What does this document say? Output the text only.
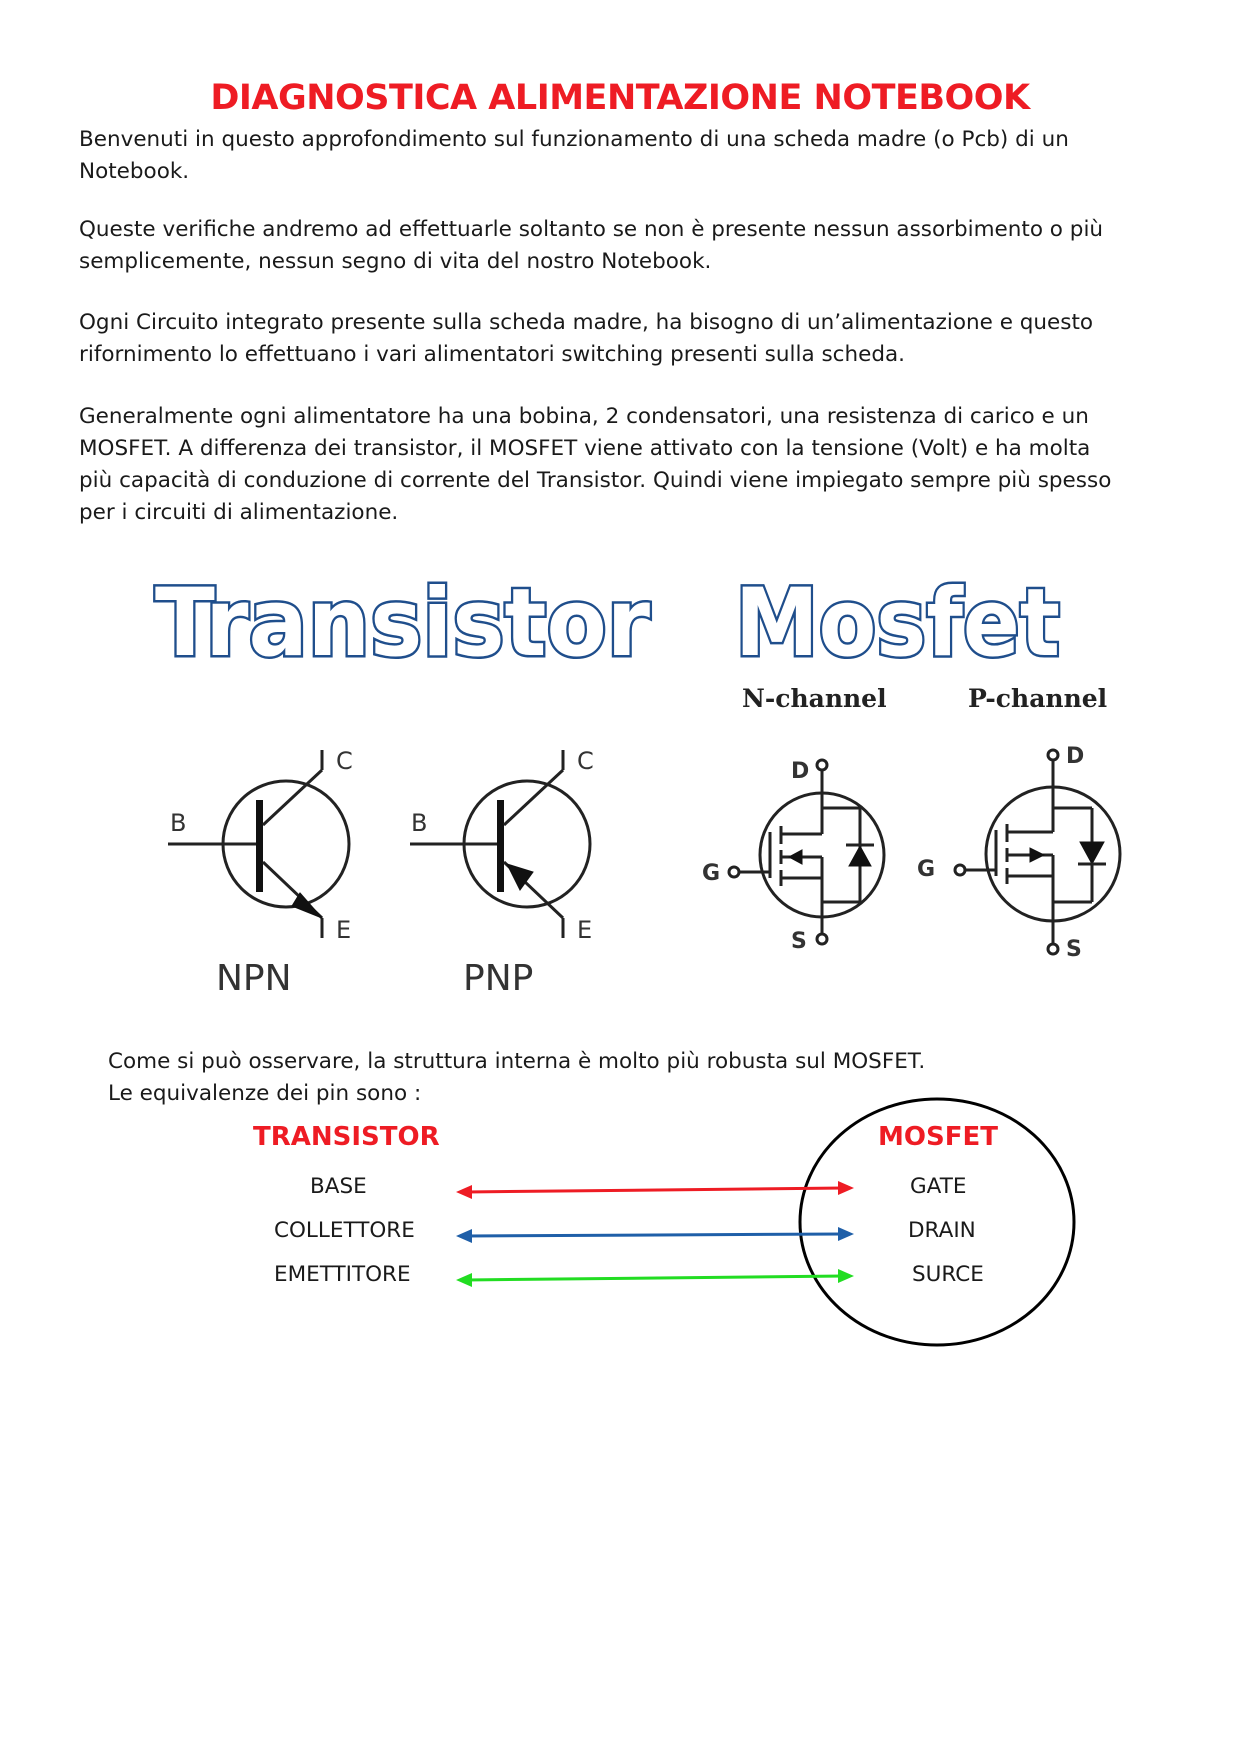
DIAGNOSTICA ALIMENTAZIONE NOTEBOOK

Benvenuti in questo approfondimento sul funzionamento di una scheda madre (o Pcb) di un Notebook.

Queste verifiche andremo ad effettuarle soltanto se non è presente nessun assorbimento o più semplicemente, nessun segno di vita del nostro Notebook.

Ogni Circuito integrato presente sulla scheda madre, ha bisogno di un’alimentazione e questo rifornimento lo effettuano i vari alimentatori switching presenti sulla scheda.

Generalmente ogni alimentatore ha una bobina, 2 condensatori, una resistenza di carico e un MOSFET. A differenza dei transistor, il MOSFET viene attivato con la tensione (Volt) e ha molta più capacità di conduzione di corrente del Transistor. Quindi viene impiegato sempre più spesso per i circuiti di alimentazione.

Transistor Mosfet
N-channel	P-channel
B
C
E
NPN
B
C
E
PNP
D
G
S
D
G
S

Come si può osservare, la struttura interna è molto più robusta sul MOSFET.

Le equivalenze dei pin sono :

TRANSISTOR	MOSFET

BASE
COLLETTORE
EMETTITORE
GATE
DRAIN
SURCE
